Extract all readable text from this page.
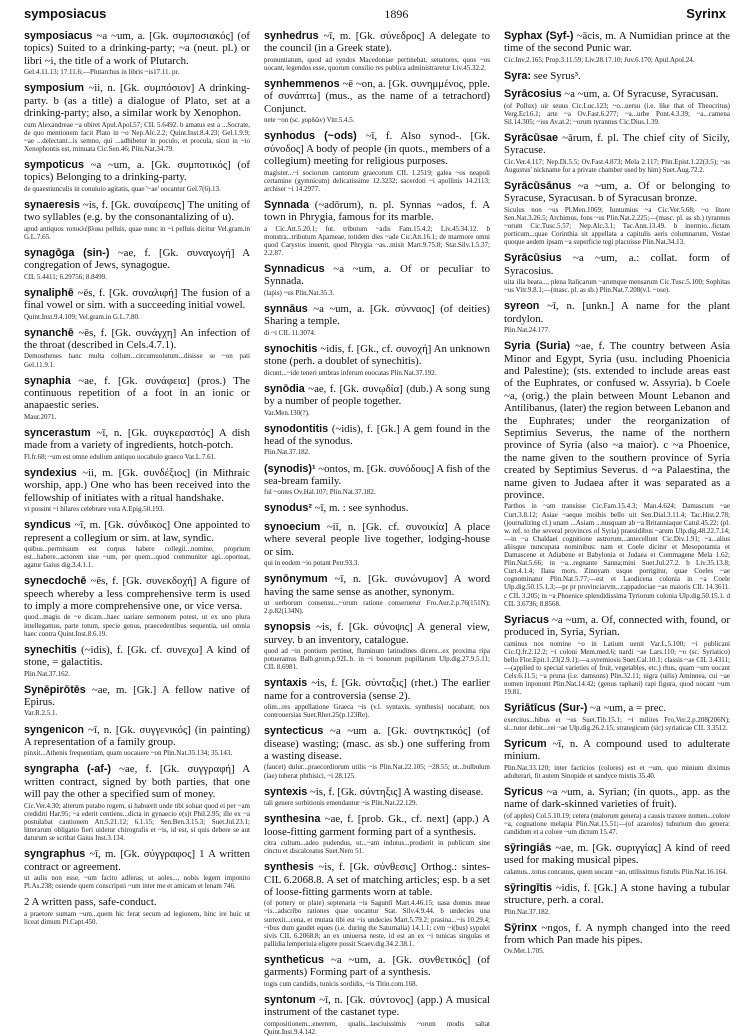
symposiacus	1896	Syrinx

symposiacus ~a ~um, a. [Gk. συμποσιακός] (of topics) Suited to a drinking-party; ~a (neut. pl.) or libri ~i, the title of a work of Plutarch.

Gel.4.11.13; 17.11.6;—Plutarchus in libris ~is17.11. pr.

symposium ~ii, n. [Gk. συμπόσιον] A drinking-party. b (as a title) a dialogue of Plato, set at a drinking-party; also, a similar work by Xenophon.

cum Alexandreae ~a obiret Apul.Apol.57; CIL 5.6492. b amatus est a ...Socrate, de quo mentionem facit Plato in ~o Nep.Alc.2.2; Quint.Inst.8.4.23; Gel.1.9.9; ~ae ...delectant...is semno, qui ...adhibetur in poculo, et procula, sicut in ~io Xenophontis est, minuata Cic.Sen.46; Plin.Nat.34.79.

sympoticus ~a ~um, a. [Gk. συμποτικός] (of topics) Belonging to a drinking-party.

de quaestiunculis in conuiuio agitatis, quae '~ae' uocantur Gel.7(6).13.

synaeresis ~is, f. [Gk. συναίρεσις] The uniting of two syllables (e.g. by the consonantalizing of u).

apud antiquos τοπικλέβλακι pelluis, quae nunc in ~i pelluis dicitur Vel.gram.in G.L.7.65.

synagōga (sin-) ~ae, f. [Gk. συναγωγή] A congregation of Jews, synagogue.

CIL 5.4411; 6.29756; 8.8499.

synaliphē ~ēs, f. [Gk. συναλιφή] The fusion of a final vowel or sim. with a succeeding initial vowel.

Quint.Inst.9.4.109; Vel.gram.in G.L.7.80.

synanchē ~ēs, f. [Gk. συνάγχη] An infection of the throat (described in Cels.4.7.1).

Demosthenes hanc multa collum...circumuolutum...disisse se ~on pati Gel.11.9.1.

synaphia ~ae, f. [Gk. συνάφεια] (pros.) The continuous repetition of a foot in an ionic or anapaestic series.

Maur.2071.

syncerastum ~ī, n. [Gk. συγκεραστός] A dish made from a variety of ingredients, hotch-potch.

Fl.fr.68; ~um est omne edulium antiquo uocabulo graeco Var.L.7.61.

syndexius ~ii, m. [Gk. συνδέξιος] (in Mithraic worship, app.) One who has been received into the fellowship of initiates with a ritual handshake.

vt possint ~i hilares celebrare vota A.Epig.50.193.

syndicus ~ī, m. [Gk. σύνδικος] One appointed to represent a collegium or sim. at law, syndic.

quibus...permissum est corpus habere collegii...nomine, proprium est...habere...actorem siue ~um, per quem...quod communiter agi...oporteat, agatur Gaius dig.3.4.1.1.

synecdochē ~ēs, f. [Gk. συνεκδοχή] A figure of speech whereby a less comprehensive term is used to imply a more comprehensive one, or vice versa.

quod...magis de ~e dicam...haec uariare sermonem potest, ut ex uno plura intellegamus, parte totum, specie genus, praecedentibus sequentia, uel omnia haec contra Quint.Inst.8.6.19.

synechitis (~idis), f. [Gk. cf. συνεχω] A kind of stone, = galactitis.

Plin.Nat.37.162.

Synēpirōtēs ~ae, m. [Gk.] A fellow native of Epirus.

Var.R.2.5.1.

syngenicon ~ī, n. [Gk. συγγενικός] (in painting) A representation of a family group.

pinxit...Athenis frequentiam, quam uocauere ~on Plin.Nat.35.134; 35.143.

syngrapha (-af-) ~ae, f. [Gk. συγγραφή] A written contract, signed by both parties, that one will pay the other a specified sum of money.

Cic.Ver.4.30; alterum putabo regem, si habuerit unde tibi soluat quod ei per ~am crediditi Har.95; ~a ederit centiens...dicta in gynaecio e(s)t Phil.2.95; ille ex ~a postulabat cautionem Att.5.21.12; 6.1.15; Sen.Ben.3.15.3; Suet.Jul.23.1; litterarum obligatio fieri uidetur chirografis et ~is, id est, si quis debere se aut daturum se scribat Gaius Inst.3.134.

syngraphus ~ī, m. [Gk. σύγγραφος] 1 A written contract or agreement.

ut aulis non esse, ~um facito adferas; ut aoles..., nobis legem imponito Pl.As.238; ostende quem conscripsti ~um inter me et amicam et lenam 746.

2 A written pass, safe-conduct.

a praetore sumam ~um...quem hic ferat secum ad legionem, hinc ire huic ut liceat dimum Pl.Capt.450.

synhedrus ~ī, m. [Gk. σύνεδρος] A delegate to the council (in a Greek state).

pronuntiatum, quod ad syndos Macedoniae pertinebat, senatores, quos ~os uocant, legendos esse, quorum consilio res publica administraretur Liv.45.32.2.

synhemmenos ~ē ~on, a. [Gk. συνημμένος, pple. of συνάπτω] (mus., as the name of a tetrachord) Conjunct.

nete ~on (sc. χορδῶν) Vitr.5.4.5.

synhodus (~ods) ~ī, f. Also synod-. [Gk. σύνοδος] A body of people (in quots., members of a collegium) meeting for religious purposes.

magister...~i sociorum cantorum graecorum CIL 1.2519; galea ~os neapoli certamine (gymnicum) delicatissime 12.3232; sacerdoti ~i apollinis 14.2113; archiser ~i 14.2977.

Synnada (~adōrum), n. pl. Synnas ~ados, f. A town in Phrygia, famous for its marble.

a Cic.Att.5.20.1; fut. tributum ~adis Fam.15.4.2; Liv.45.34.12. b monstra...tributum Apameae, totidem dies ~ade Cic.Att.16.1; de marmore omni quod Carystos inuenit, quod Phrygia ~as...misit Mart.9.75.8; Stat.Silv.1.5.37; 2.2.87.

Synnadicus ~a ~um, a. Of or peculiar to Synnada.

(lapis) ~us Plin.Nat.35.3.

synnāus ~a ~um, a. [Gk. σύνναος] (of deities) Sharing a temple.

di ~i CIL 11.3074.

synochitis ~idis, f. [Gk., cf. συνοχή] An unknown stone (perh. a doublet of synechitis).

dicunt...~ide teneri umbras inferum euocatas Plin.Nat.37.192.

synōdia ~ae, f. [Gk. συνῳδία] (dub.) A song sung by a number of people together.

Var.Men.130(?).

synodontitis (~idis), f. [Gk.] A gem found in the head of the synodus.

Plin.Nat.37.182.

(synodis)¹ ~ontos, m. [Gk. συνόδους] A fish of the sea-bream family.

ful ~ontes Ov.Hal.107; Plin.Nat.37.182.

synodus² ~ī, m. : see synhodus.

synoecium ~iī, n. [Gk. cf. συνοικία] A place where several people live together, lodging-house or sim.

qui in eodem ~io potant Petr.93.3.

synōnymum ~ī, n. [Gk. συνώνυμον] A word having the same sense as another, synonym.

ut uerborum consensu...~orum ratione conseruetur Fro.Aur.2.p.76(151N); 2.p.82(134N).

synopsis ~is, f. [Gk. σύνοψις] A general view, survey. b an inventory, catalogue.

quod ad ~in pontium pertinet, fluminum latitudines dicere...ex proxima ripa potueramus Balb.grom.p.92L.b. in ~i bonorum pupillarum Ulp.dig.27.9.5.11; CIL 8.6981.

syntaxis ~is, f. [Gk. σύνταξις] (rhet.) The earlier name for a controversia (sense 2).

olim...res appellatione Graeca ~is (v.l. syntaxis, synthesis) uocabant; nox controuersias Suet.Rhet.25(p.123Re).

syntecticus ~a ~um a. [Gk. συντηκτικός] (of disease) wasting; (masc. as sb.) one suffering from a wasting disease.

(faucet) dulur...praecordiorum utilis ~is Plin.Nat.22.105; ~28.55; ut...bulbulum (iae) tuberat phthisici, ~i 28.125.

syntexis ~is, f. [Gk. σύντηξις] A wasting disease.

tali genere sorbitionis emendantur ~is Plin.Nat.22.129.

synthesina ~ae, f. [prob. Gk., cf. next] (app.) A loose-fitting garment forming part of a synthesis.

citra cultum...adeo pudendus, ut...~am indutus...prodierit in publicum sine cinctu et discalceatus Suet.Nero 51.

synthesis ~is, f. [Gk. σύνθεσις] Orthog.: sintes- CIL 6.2068.8. A set of matching articles; esp. b a set of loose-fitting garments worn at table.

(of pottery or plate) septenaria ~is Saguntī Mart.4.46.15; uasa domus meae ~is...adscribo rationes quae uocantur Stat. Silv.4.9.44. b undecies una surrexit...cena, et mutata tibi est ~is undecies Mart.5.79.2; prasina...~is 10.29.4; ~ibus dum gaudet eques (i.e. during the Saturnalia) 14.1.1; cvm ~i(bus) sypulei sivis CIL 6.2068.8; an ex uniuersa neste, id est an ex ~i tunicas singulas et pallidia lemperiuia eligere possit Scaev.dig.34.2.38.1.

syntheticus ~a ~um, a. [Gk. συνθετικός] (of garments) Forming part of a synthesis.

togis cum candidis, tunicis sordidis, ~is Titin.com.168.

syntonum ~ī, n. [Gk. σύντονος] (app.) A musical instrument of the castanet type.

compositionem...enerrem, qualis...lasciuissimis ~orum modis saltat Quint.Inst.9.4.142.

Syphax (Syf-) ~ācis, m. A Numidian prince at the time of the second Punic war.

Cic.Inv.2.165; Prop.3.11.59; Liv.28.17.10; Juv.6.170; Apul.Apol.24.

Syra: see Syrus³.

Syrācosius ~a ~um, a. Of Syracuse, Syracusan.

(of Pollux) uir seuus Cic.Luc.123; ~o...uersu (i.e. like that of Theocritus) Verg.Ecl.6.1; arte ~a Ov.Fast.6.277; ~a...urbe Pont.4.3.39; ~a...camena Sil.14.305; ~ius Av.at.2; ~orum tyrannus Cic.Dius.1.39.

Syrācūsae ~ārum, f. pl. The chief city of Sicily, Syracuse.

Cic.Ver.4.117; Nep.Di.5.5; Ov.Fast.4.873; Mela 2.117; Plin.Epist.1.22(3.5); ~as Augustus' nickname for a private chamber used by him) Suet.Aug.72.2.

Syrācūsānus ~a ~um, a. Of or belonging to Syracuse, Syracusan. b of Syracusan bronze.

Siculus non ~us Pl.Men.1069; Iuntumius ~a Cic.Ver.5.68; ~o litore Sen.Nat.3.26.5; Archimus, fons ~us Plin.Nat.2.225;—(masc. pl. as sb.) tyrannus ~orum Cic.Tusc.5.57; Nep.Alc.3.1; Tac.Ann.13.49. b inermio...fictam porticum...quae Corinthia sit appellata a capitulis aeris columnarum, Vestae quoque aedem ipsam ~a superficie tegi placuisse Plin.Nat.34.13.

Syrācūsius ~a ~um, a.: collat. form of Syracosius.

uita illa beata..., plena Italicarum ~arumque mensarum Cic.Tusc.5.100; Sophitas ~us Vitr.9.8.1;—(masc. pl. as sb.) Plin.Nat.7.208(v.l. ~ose).

syreon ~ī, n. [unkn.] A name for the plant tordylon.

Plin.Nat.24.177.

Syria (Suria) ~ae, f. The country between Asia Minor and Egypt, Syria (usu. including Phoenicia and Palestine); (sts. extended to include areas east of the Euphrates, or confused w. Assyria). b Coele ~a, (orig.) the plain between Mount Lebanon and Antilibanus, (later) the region between Lebanon and the Euphrates; under the reorganization of Septimius Severus, the name of the northern province of Syria (also ~a maior). c ~a Phoenice, the name given to the southern province of Syria created by Septimius Severus. d ~a Palaestina, the name given to Judaea after it was separated as a province.

Parthos in ~am transisse Cic.Fam.15.4.3; Man.4.624; Damascum ~ae Curt.3.8.12; Asiae ~aeque moibis bello uit Sen.Dial.3.11.4; Tac.Hist.2.78; (journalizing cl.) unam ...Asiam ...nusquam ab ~a Britanniaque Catul.45.22; (pl. w. ref. to the several provinces of Syria) praesidibus ~arum Ulp.dig.48.22.7.14;—in ~a Chaldaei cognitione astrorum...antecellunt Cic.Div.1.91; ~a...alius aliisque nuncupata nominibus: nam et Coele dicitur et Mesopotamia et Damascene et Adiabene et Babylonia et Judaea et Commagene Mela 1.62; Plin.Nat.5.66; in ~a...regnante Sanna;mini Suet.Jul.27.2. b Liv.35.13.8; Curt.4.1.4; Ilana mors. Zinnyam usque porrigitur, quae Coeles ~ae cognominatur Plin.Nat.5.77;—est et Laodicena colonia in ~a Coele Ulp.dig.50.15.1.3;—pr pr provinciarvm...cappadociae ~ae maioris CIL 14.3611. c CIL 3.205; in ~a Phoenice splendidissima Tyriorum colonia Ulp.dig.50.15.1. d CIL 3.6736; 8.8568.

Syriacus ~a ~um, a. Of, connected with, found, or produced in, Syria, Syrian.

caminus nos nomine ~o in Latium uenit Var.L.5.100; ~i publicani Cic.Q.fr.2.12.2; ~i coloni Mem.med.6; nardi ~ae Lars.110; ~o (sc. Syriatico) bello Flor.Epit.1.23(2.9.1);—a.syremiosis Suet.Cal.10.1; classis ~ae CIL 3.4311;—(applied to special varieties of fruit, vegetables, etc.) rhus, quam ~um uocant Cels.6.11.5; ~a pruna (i.e. damsons) Plin.32.11; nigra (uilis) Aminnea, cui ~ae nomen inponunt Plin.Nat.14.42; (genus raphani) rapi figura, quod uocant ~um 19.81.

Syriātīcus (Sur-) ~a ~um, a = prec.

exercitus...hibus et ~us Suet.Tib.15.1; ~i milites Fro.Ver.2.p.208(206N); si...tutor debit...rei ~ae Ulp.dig.26.2.15; strategicum (sic) syriaticae CIL 3.3512.

Syricum ~ī, n. A compound used to adulterate minium.

Plin.Nat.33.120; inter facticios (colores) est et ~um, quo minium diximus adulterari, fit autem Sinopide et sandyce mixtis 35.40.

Syricus ~a ~um, a. Syrian; (in quots., app. as the name of dark-skinned varieties of fruit).

(of apples) Col.5.10.19; cetera (malorum genera) a causis traxere nomen...colore ~a, cognatione melapia Plin.Nat.15.51;—(of azarolos) tuburium duo genera: candidum et a colore ~um dictum 15.47.

sȳringiās ~ae, m. [Gk. συριγγίας] A kind of reed used for making musical pipes.

calamus...totus concauus, quem uocant ~an, utilissimus fistulis Plin.Nat.16.164.

sȳringītis ~idis, f. [Gk.] A stone having a tubular structure, perh. a coral.

Plin.Nat.37.182.

Sȳrinx ~ngos, f. A nymph changed into the reed from which Pan made his pipes.

Ov.Met.1.705.
